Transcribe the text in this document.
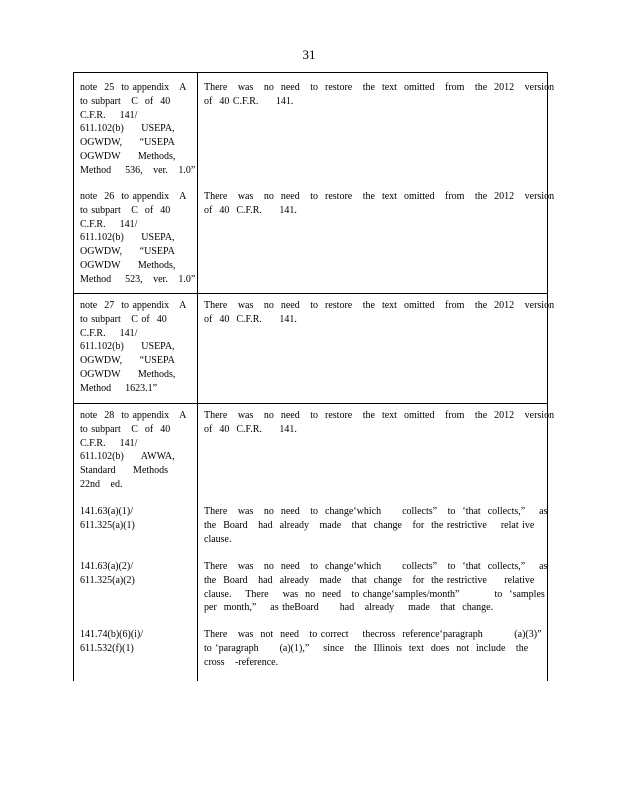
31
note  25  to appendix   A
to subpart   C  of  40
C.F.R.    141/
611.102(b)     USEPA,
OGWDW,     “USEPA
OGWDW     Methods,
Method    536,   ver.   1.0”
There   was   no  need   to  restore   the  text  omitted   from   the  2012   version
of  40 C.F.R.     141.
note  26  to appendix   A
to subpart   C  of  40
C.F.R.    141/
611.102(b)     USEPA,
OGWDW,     “USEPA
OGWDW     Methods,
Method    523,   ver.   1.0”
There   was   no  need   to  restore   the  text  omitted   from   the  2012   version
of  40  C.F.R.     141.
note  27  to appendix   A
to subpart   C of  40
C.F.R.    141/
611.102(b)     USEPA,
OGWDW,     “USEPA
OGWDW     Methods,
Method    1623.1”
There   was   no  need   to  restore   the  text  omitted   from   the  2012   version
of  40  C.F.R.     141.
note  28  to appendix   A
to subpart   C  of  40
C.F.R.    141/
611.102(b)     AWWA,
Standard     Methods
22nd   ed.
There   was   no  need   to  restore   the  text  omitted   from   the  2012   version
of  40  C.F.R.     141.
141.63(a)(1)/
611.325(a)(1)
There   was   no  need   to  change‘which      collects”   to  ‘that  collects,”    as
the  Board   had  already   made   that  change   for  the restrictive    relat ive
clause.
141.63(a)(2)/
611.325(a)(2)
There   was   no  need   to  change‘which      collects”   to  ‘that  collects,”    as
the  Board   had  already   made   that  change   for  the restrictive     relative
clause.    There    was  no  need   to change‘samples/month”          to  ‘samples
per  month,”    as theBoard      had   already    made   that  change.
141.74(b)(6)(i)/
611.532(f)(1)
There   was  not  need   to correct    thecross  reference‘paragraph         (a)(3)”
to ‘paragraph      (a)(1),”    since   the  Illinois  text  does  not  include   the
cross   -reference.
